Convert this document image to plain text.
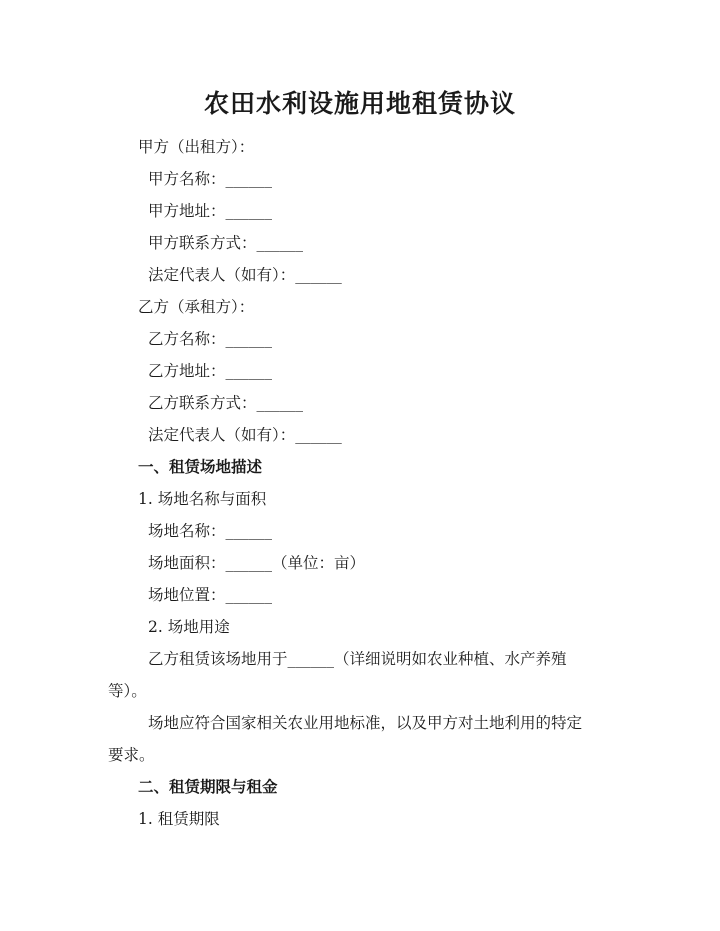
农田水利设施用地租赁协议
甲方（出租方）：
甲方名称：______
甲方地址：______
甲方联系方式：______
法定代表人（如有）：______
乙方（承租方）：
乙方名称：______
乙方地址：______
乙方联系方式：______
法定代表人（如有）：______
一、租赁场地描述
1. 场地名称与面积
场地名称：______
场地面积：______（单位：亩）
场地位置：______
2. 场地用途
乙方租赁该场地用于______（详细说明如农业种植、水产养殖
等）。
场地应符合国家相关农业用地标准，以及甲方对土地利用的特定
要求。
二、租赁期限与租金
1. 租赁期限
